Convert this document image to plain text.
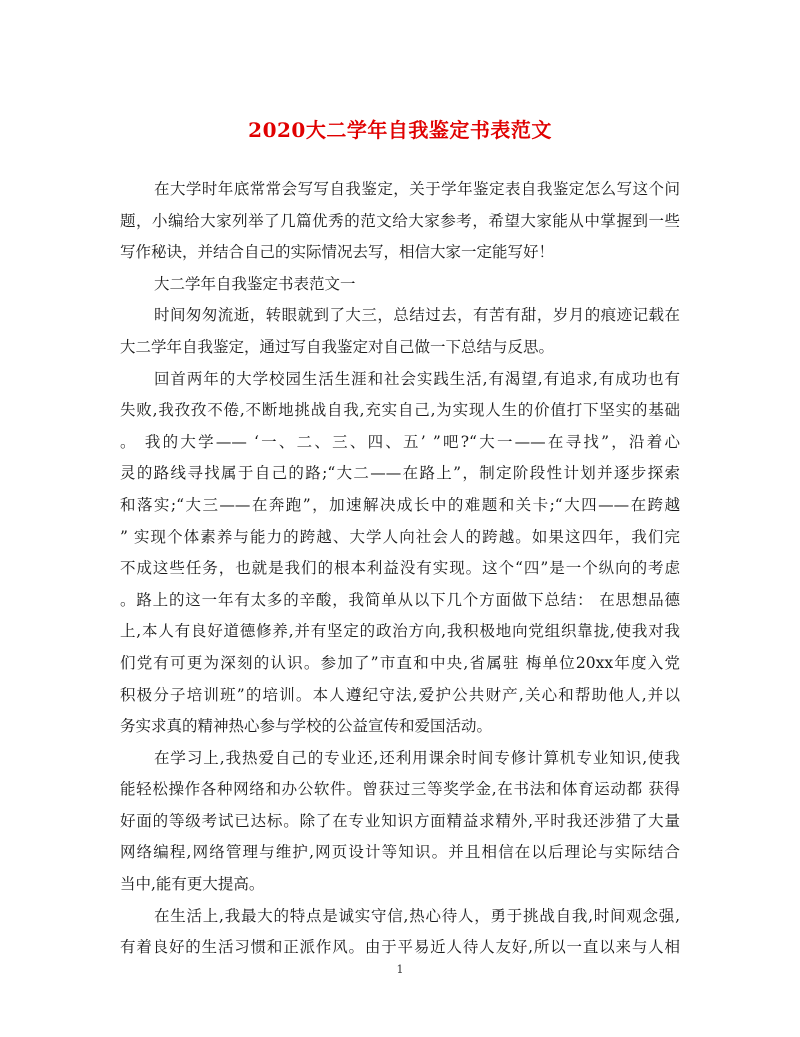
2020大二学年自我鉴定书表范文
在大学时年底常常会写写自我鉴定，关于学年鉴定表自我鉴定怎么写这个问
题，小编给大家列举了几篇优秀的范文给大家参考，希望大家能从中掌握到一些
写作秘诀，并结合自己的实际情况去写，相信大家一定能写好！
大二学年自我鉴定书表范文一
时间匆匆流逝，转眼就到了大三，总结过去，有苦有甜，岁月的痕迹记载在
大二学年自我鉴定，通过写自我鉴定对自己做一下总结与反思。
回首两年的大学校园生活生涯和社会实践生活,有渴望,有追求,有成功也有
失败,我孜孜不倦,不断地挑战自我,充实自己,为实现人生的价值打下坚实的基础
。 我的大学—— ‘一、二、三、四、五’ ”吧?“大一——在寻找”，沿着心
灵的路线寻找属于自己的路;“大二——在路上”，制定阶段性计划并逐步探索
和落实;“大三——在奔跑”，加速解决成长中的难题和关卡;“大四——在跨越
” 实现个体素养与能力的跨越、大学人向社会人的跨越。如果这四年，我们完
不成这些任务，也就是我们的根本利益没有实现。这个“四”是一个纵向的考虑
。路上的这一年有太多的辛酸，我简单从以下几个方面做下总结： 在思想品德
上,本人有良好道德修养,并有坚定的政治方向,我积极地向党组织靠拢,使我对我
们党有可更为深刻的认识。参加了”市直和中央,省属驻 梅单位20xx年度入党
积极分子培训班”的培训。本人遵纪守法,爱护公共财产,关心和帮助他人,并以
务实求真的精神热心参与学校的公益宣传和爱国活动。
在学习上,我热爱自己的专业还,还利用课余时间专修计算机专业知识,使我
能轻松操作各种网络和办公软件。曾获过三等奖学金,在书法和体育运动都 获得
好面的等级考试已达标。除了在专业知识方面精益求精外,平时我还涉猎了大量
网络编程,网络管理与维护,网页设计等知识。并且相信在以后理论与实际结合
当中,能有更大提高。
在生活上,我最大的特点是诚实守信,热心待人，勇于挑战自我,时间观念强,
有着良好的生活习惯和正派作风。由于平易近人待人友好,所以一直以来与人相
1
